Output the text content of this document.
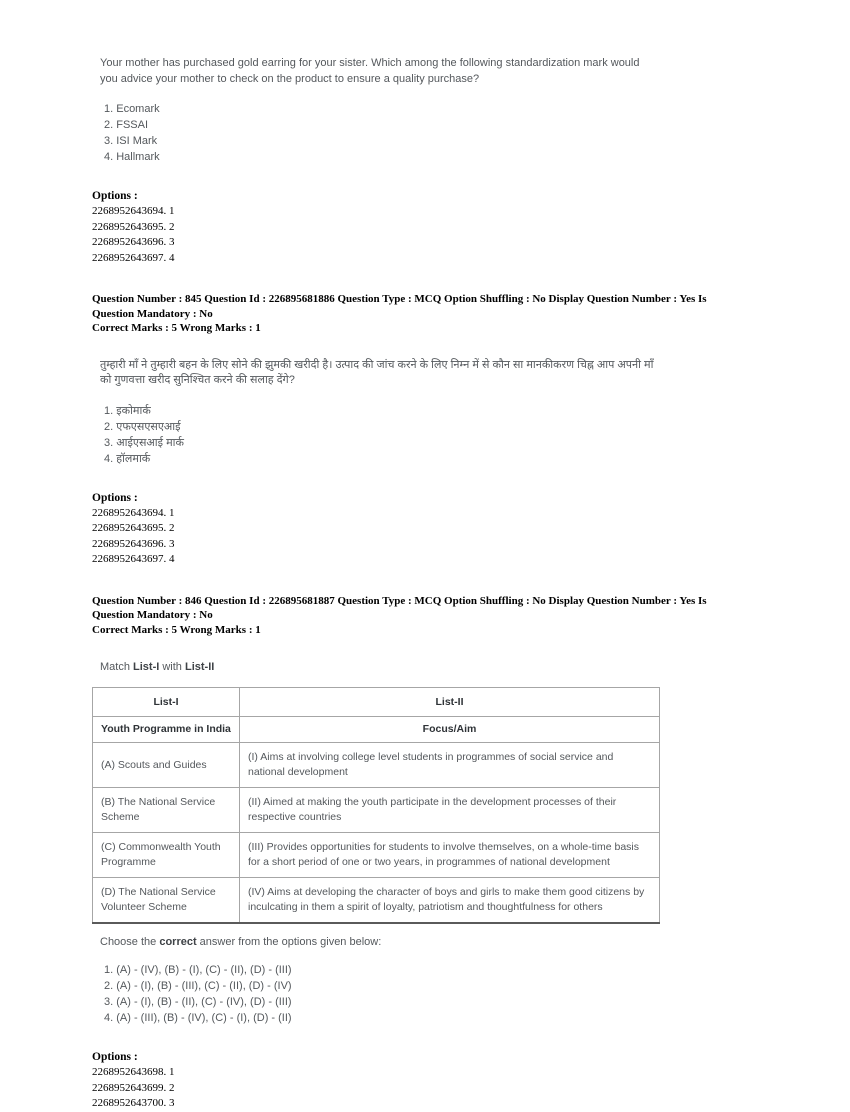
Your mother has purchased gold earring for your sister. Which among the following standardization mark would you advice your mother to check on the product to ensure a quality purchase?

1. Ecomark
2. FSSAI
3. ISI Mark
4. Hallmark
Options :
2268952643694. 1
2268952643695. 2
2268952643696. 3
2268952643697. 4

Question Number : 845 Question Id : 226895681886 Question Type : MCQ Option Shuffling : No Display Question Number : Yes Is Question Mandatory : No

Correct Marks : 5 Wrong Marks : 1

तुम्हारी माँ ने तुम्हारी बहन के लिए सोने की झुमकी खरीदी है। उत्पाद की जांच करने के लिए निम्न में से कौन सा मानकीकरण चिह्न आप अपनी माँ को गुणवत्ता खरीद सुनिश्चित करने की सलाह देंगे?

1. इकोमार्क
2. एफएसएसएआई
3. आईएसआई मार्क
4. हॉलमार्क
Options :
2268952643694. 1
2268952643695. 2
2268952643696. 3
2268952643697. 4

Question Number : 846 Question Id : 226895681887 Question Type : MCQ Option Shuffling : No Display Question Number : Yes Is Question Mandatory : No

Correct Marks : 5 Wrong Marks : 1

Match List-I with List-II

List-I	List-II
Youth Programme in India	Focus/Aim
(A) Scouts and Guides	(I) Aims at involving college level students in programmes of social service and national development
(B) The National Service Scheme	(II) Aimed at making the youth participate in the development processes of their respective countries
(C) Commonwealth Youth Programme	(III) Provides opportunities for students to involve themselves, on a whole-time basis for a short period of one or two years, in programmes of national development
(D) The National Service Volunteer Scheme	(IV) Aims at developing the character of boys and girls to make them good citizens by inculcating in them a spirit of loyalty, patriotism and thoughtfulness for others

Choose the correct answer from the options given below:

1. (A) - (IV), (B) - (I), (C) - (II), (D) - (III)
2. (A) - (I), (B) - (III), (C) - (II), (D) - (IV)
3. (A) - (I), (B) - (II), (C) - (IV), (D) - (III)
4. (A) - (III), (B) - (IV), (C) - (I), (D) - (II)
Options :
2268952643698. 1
2268952643699. 2
2268952643700. 3
